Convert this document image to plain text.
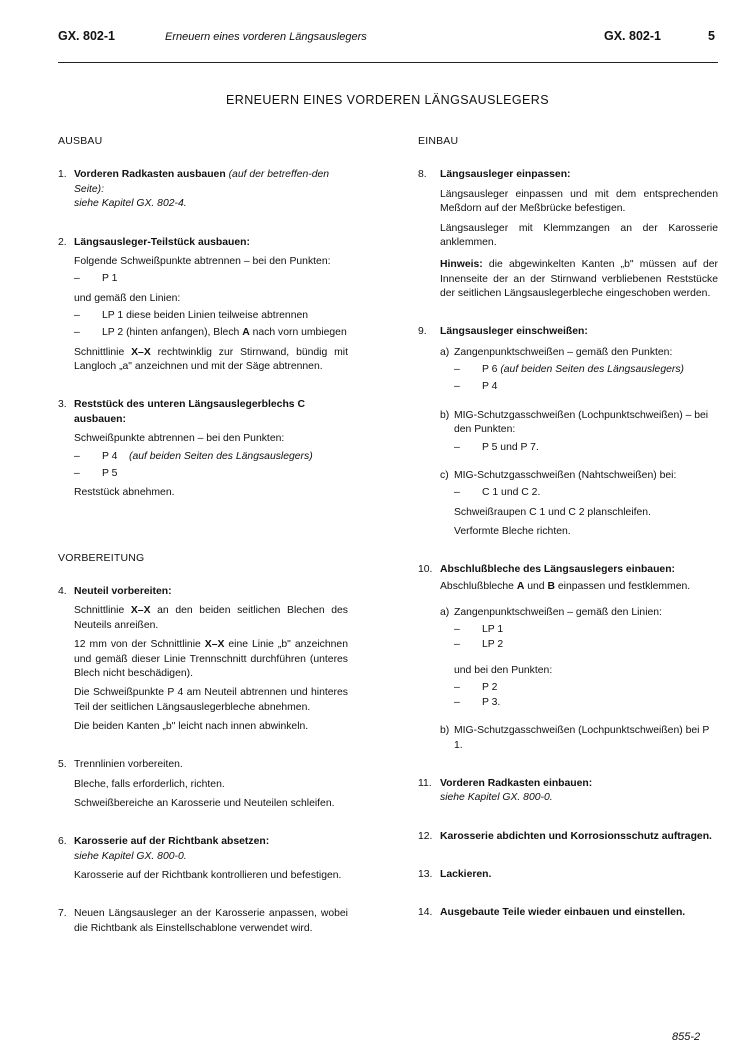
GX. 802-1	Erneuern eines vorderen Längsauslegers	GX. 802-1	5
ERNEUERN EINES VORDEREN LÄNGSAUSLEGERS
AUSBAU
1. Vorderen Radkasten ausbauen (auf der betreffen-den Seite):
siehe Kapitel GX. 802-4.
2. Längsausleger-Teilstück ausbauen:
Folgende Schweißpunkte abtrennen – bei den Punkten:
– P 1
und gemäß den Linien:
– LP 1 diese beiden Linien teilweise abtrennen
– LP 2 (hinten anfangen), Blech A nach vorn umbiegen
Schnittlinie X–X rechtwinklig zur Stirnwand, bündig mit Langloch „a" anzeichnen und mit der Säge abtrennen.
3. Reststück des unteren Längsauslegerblechs C ausbauen:
Schweißpunkte abtrennen – bei den Punkten:
– P 4 (auf beiden Seiten des Längsauslegers)
– P 5
Reststück abnehmen.
VORBEREITUNG
4. Neuteil vorbereiten:
Schnittlinie X–X an den beiden seitlichen Blechen des Neuteils anreißen.
12 mm von der Schnittlinie X–X eine Linie „b" anzeichnen und gemäß dieser Linie Trennschnitt durchführen (unteres Blech nicht beschädigen).
Die Schweißpunkte P 4 am Neuteil abtrennen und hinteres Teil der seitlichen Längsauslegerbleche abnehmen.
Die beiden Kanten „b" leicht nach innen abwinkeln.
5. Trennlinien vorbereiten.
Bleche, falls erforderlich, richten.
Schweißbereiche an Karosserie und Neuteilen schleifen.
6. Karosserie auf der Richtbank absetzen:
siehe Kapitel GX. 800-0.
Karosserie auf der Richtbank kontrollieren und befestigen.
7. Neuen Längsausleger an der Karosserie anpassen, wobei die Richtbank als Einstellschablone verwendet wird.
EINBAU
8. Längsausleger einpassen:
Längsausleger einpassen und mit dem entsprechenden Meßdorn auf der Meßbrücke befestigen.
Längsausleger mit Klemmzangen an der Karosserie anklemmen.
Hinweis: die abgewinkelten Kanten „b" müssen auf der Innenseite der an der Stirnwand verbliebenen Reststücke der seitlichen Längsauslegerbleche eingeschoben werden.
9. Längsausleger einschweißen:
a) Zangenpunktschweißen – gemäß den Punkten:
– P 6 (auf beiden Seiten des Längsauslegers)
– P 4
b) MIG-Schutzgasschweißen (Lochpunktschweißen) – bei den Punkten:
– P 5 und P 7.
c) MIG-Schutzgasschweißen (Nahtschweißen) bei:
– C 1 und C 2.
Schweißraupen C 1 und C 2 planschleifen.
Verformte Bleche richten.
10. Abschlußbleche des Längsauslegers einbauen:
Abschlußbleche A und B einpassen und festklemmen.
a) Zangenpunktschweißen – gemäß den Linien:
– LP 1
– LP 2
und bei den Punkten:
– P 2
– P 3.
b) MIG-Schutzgasschweißen (Lochpunktschweißen) bei P 1.
11. Vorderen Radkasten einbauen:
siehe Kapitel GX. 800-0.
12. Karosserie abdichten und Korrosionsschutz auftragen.
13. Lackieren.
14. Ausgebaute Teile wieder einbauen und einstellen.
855-2
